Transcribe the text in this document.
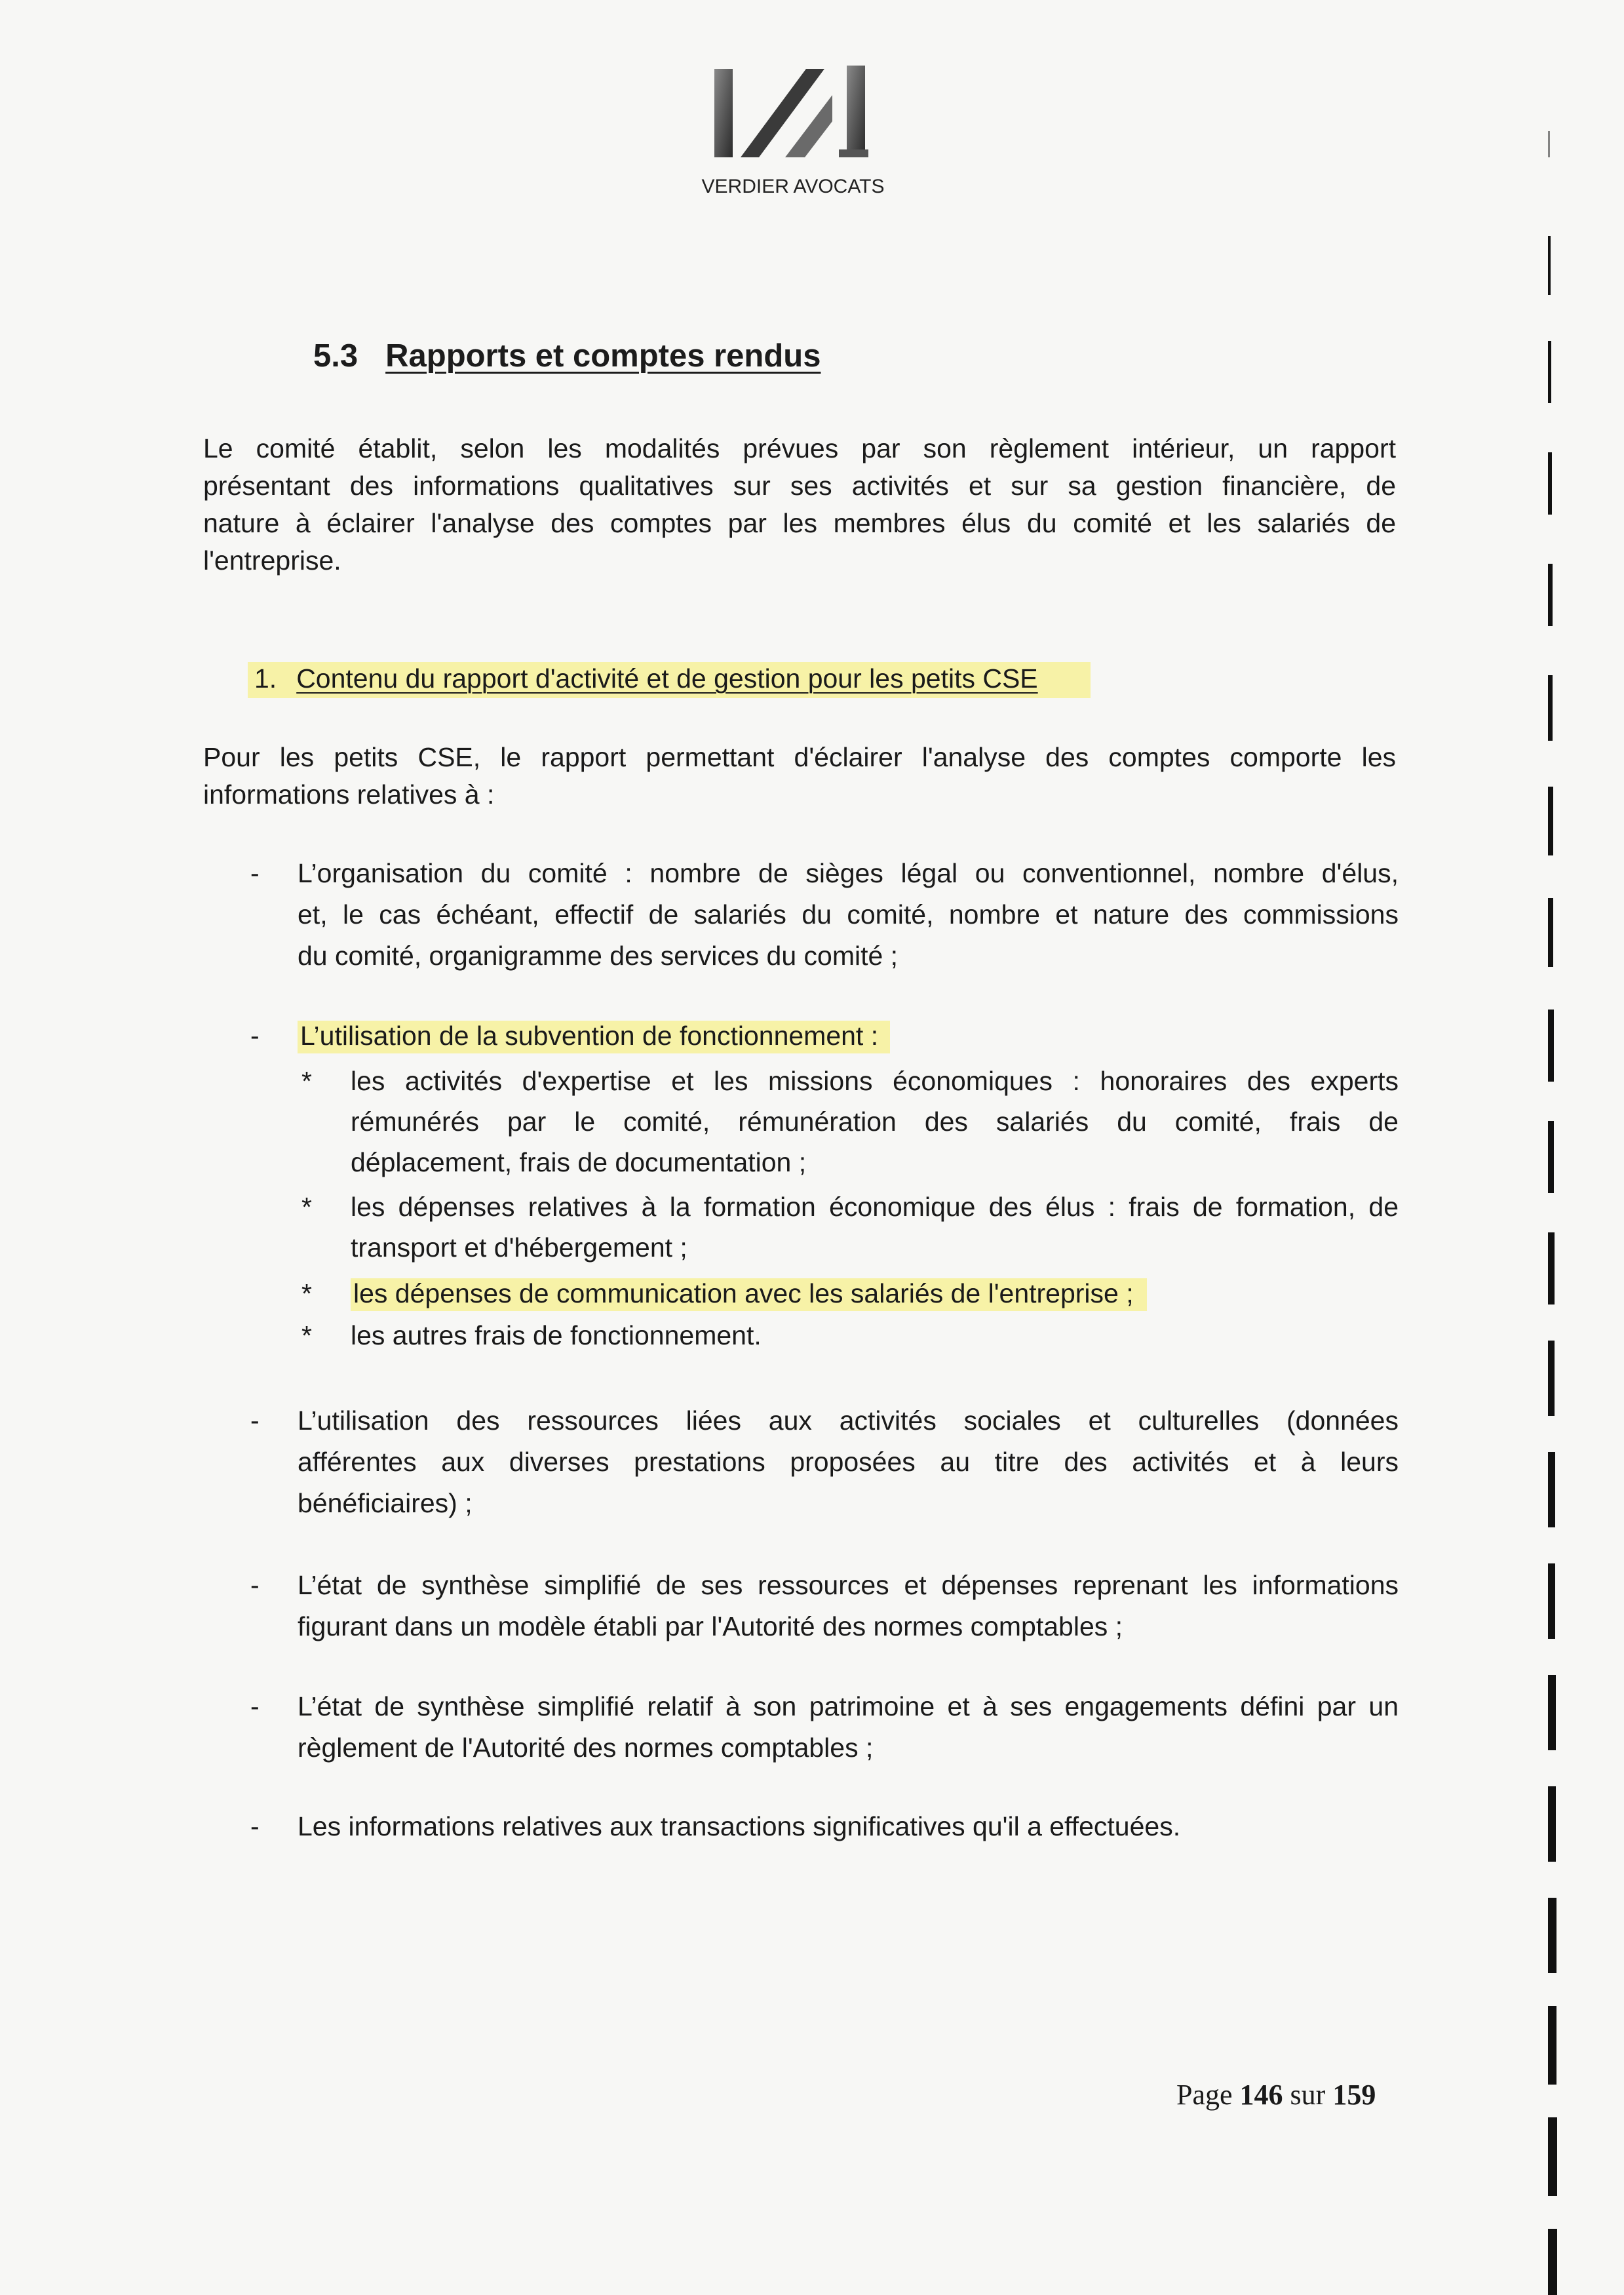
VERDIER AVOCATS
5.3 Rapports et comptes rendus
Le comité établit, selon les modalités prévues par son règlement intérieur, un rapport
présentant des informations qualitatives sur ses activités et sur sa gestion financière, de
nature à éclairer l'analyse des comptes par les membres élus du comité et les salariés de
l'entreprise.
1. Contenu du rapport d'activité et de gestion pour les petits CSE
Pour les petits CSE, le rapport permettant d'éclairer l'analyse des comptes comporte les
informations relatives à :
- L’organisation du comité : nombre de sièges légal ou conventionnel, nombre d'élus,
et, le cas échéant, effectif de salariés du comité, nombre et nature des commissions
du comité, organigramme des services du comité ;
- L’utilisation de la subvention de fonctionnement :
* les activités d'expertise et les missions économiques : honoraires des experts
rémunérés par le comité, rémunération des salariés du comité, frais de
déplacement, frais de documentation ;
* les dépenses relatives à la formation économique des élus : frais de formation, de
transport et d'hébergement ;
* les dépenses de communication avec les salariés de l'entreprise ;
* les autres frais de fonctionnement.
- L’utilisation des ressources liées aux activités sociales et culturelles (données
afférentes aux diverses prestations proposées au titre des activités et à leurs
bénéficiaires) ;
- L’état de synthèse simplifié de ses ressources et dépenses reprenant les informations
figurant dans un modèle établi par l'Autorité des normes comptables ;
- L’état de synthèse simplifié relatif à son patrimoine et à ses engagements défini par un
règlement de l'Autorité des normes comptables ;
- Les informations relatives aux transactions significatives qu'il a effectuées.
Page 146 sur 159
